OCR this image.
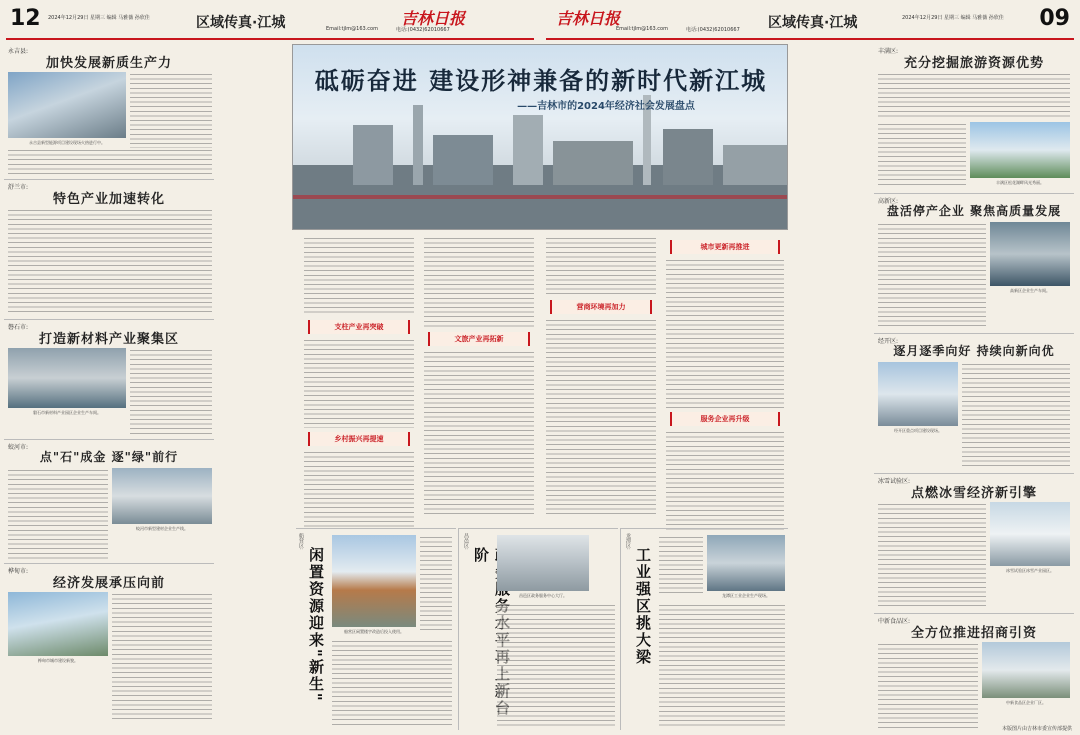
12 2024年12月29日 星期三 编辑 马雅薇 孙欣佳	区域传真·江城	Email:tjlm@163.com	电话:(0432)62010667
吉林日报
永吉县:
加快发展新质生产力
永吉县新型能源项目建设现场火热进行中。
舒兰市:
特色产业加速转化
磐石市:
打造新材料产业聚集区
磐石市新材料产业园区企业生产车间。
蛟河市:
点"石"成金 逐"绿"前行
蛟河市新型建材企业生产线。
桦甸市:
经济发展承压向前
桦甸市城市建设新貌。
吉林日报
Email:tjlm@163.com	电话:(0432)62010667 区域传真·江城	2024年12月29日 星期三 编辑 马雅薇 孙欣佳 09
丰满区:
充分挖掘旅游资源优势
丰满区松花湖畔风光秀丽。
高新区:
盘活停产企业 聚焦高质量发展
高新区企业生产车间。
经开区:
逐月逐季向好 持续向新向优
经开区重点项目建设现场。
冰雪试验区:
点燃冰雪经济新引擎
冰雪试验区冰雪产业园区。
中新食品区:
全方位推进招商引资
中新食品区企业厂区。
本版图片由吉林市委宣传部提供
砥砺奋进 建设形神兼备的新时代新江城
——吉林市的2024年经济社会发展盘点
支柱产业再突破
乡村振兴再提速
文旅产业再拓新
营商环境再加力
城市更新再推进
服务企业再升级
船营区:
闲置资源迎来"新生"	船营区闲置楼宇改造后投入使用。
昌邑区:
阶
昌邑区政务服务中心大厅。
龙潭区:
工业强区挑大梁	龙潭区工业企业生产现场。
